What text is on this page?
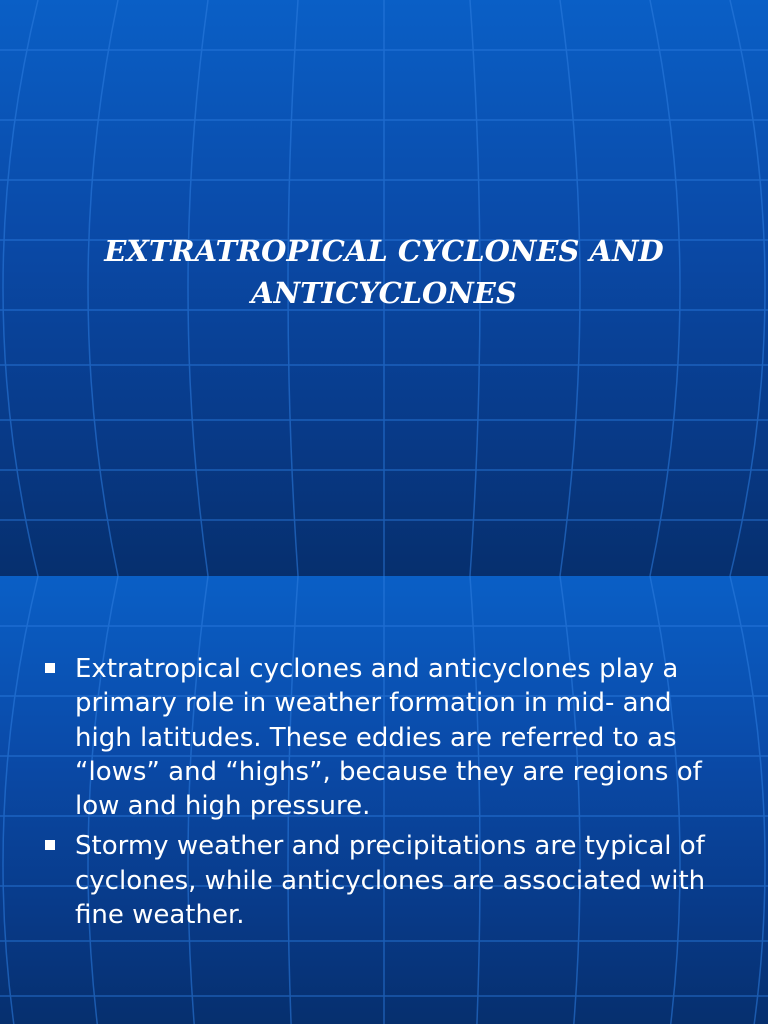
EXTRATROPICAL CYCLONES AND ANTICYCLONES
Extratropical cyclones and anticyclones play a primary role in weather formation in mid- and high latitudes. These eddies are referred to as “lows” and “highs”, because they are regions of low and high pressure.
Stormy weather and precipitations are typical of cyclones, while anticyclones are associated with fine weather.
